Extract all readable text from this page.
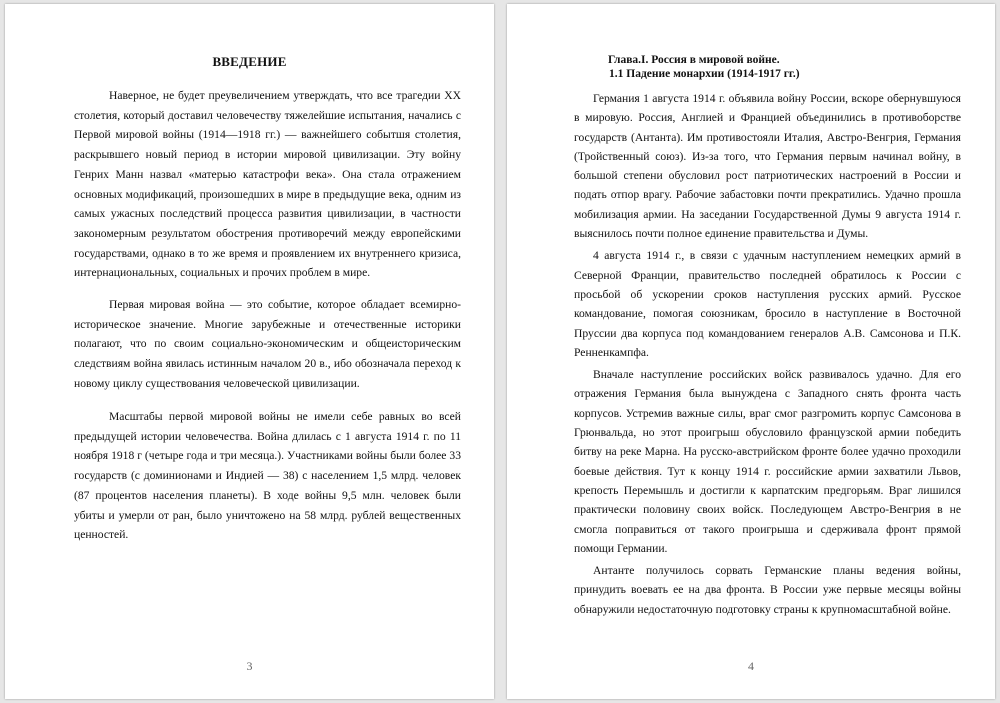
ВВЕДЕНИЕ

Наверное, не будет преувеличением утверждать, что все трагедии XX столетия, который доставил человечеству тяжелейшие испытания, начались с Первой мировой войны (1914—1918 гг.) — важнейшего событшя столетия, раскрывшего новый период в истории мировой цивилизации. Эту войну Генрих Манн назвал «матерью катастрофи века». Она стала отражением основных модификаций, произошедших в мире в предыдущие века, одним из самых ужасных последствий процесса развития цивилизации, в частности закономерным результатом обострения противоречий между европейскими государствами, однако в то же время и проявлением их внутреннего кризиса, интернациональных, социальных и прочих проблем в мире.

Первая мировая война — это событие, которое обладает всемирно-историческое значение. Многие зарубежные и отечественные историки полагают, что по своим социально-экономическим и общеисторическим следствиям война явилась истинным началом 20 в., ибо обозначала переход к новому циклу существования человеческой цивилизации.

Масштабы первой мировой войны не имели себе равных во всей предыдущей истории человечества. Война длилась с 1 августа 1914 г. по 11 ноября 1918 г (четыре года и три месяца.). Участниками войны были более 33 государств (с доминионами и Индией — 38) с населением 1,5 млрд. человек (87 процентов населения планеты). В ходе войны 9,5 млн. человек были убиты и умерли от ран, было уничтожено на 58 млрд. рублей вещественных ценностей.

3
Глава.I. Россия в мировой войне.
1.1 Падение монархии (1914-1917 гг.)

Германия 1 августа 1914 г. объявила войну России, вскоре обернувшуюся в мировую. Россия, Англией и Францией объединились в противоборстве государств (Антанта). Им противостояли Италия, Австро-Венгрия, Германия (Тройственный союз). Из-за того, что Германия первым начинал войну, в большой степени обусловил рост патриотических настроений в России и подать отпор врагу. Рабочие забастовки почти прекратились. Удачно прошла мобилизация армии. На заседании Государственной Думы 9 августа 1914 г. выяснилось почти полное единение правительства и Думы.

4 августа 1914 г., в связи с удачным наступлением немецких армий в Северной Франции, правительство последней обратилось к России с просьбой об ускорении сроков наступления русских армий. Русское командование, помогая союзникам, бросило в наступление в Восточной Пруссии два корпуса под командованием генералов А.В. Самсонова и П.К. Ренненкампфа.

Вначале наступление российских войск развивалось удачно. Для его отражения Германия была вынуждена с Западного снять фронта часть корпусов. Устремив важные силы, враг смог разгромить корпус Самсонова в Грюнвальда, но этот проигрыш обусловило французской армии победить битву на реке Марна. На русско-австрийском фронте более удачно проходили боевые действия. Тут к концу 1914 г. российские армии захватили Львов, крепость Перемышль и достигли к карпатским предгорьям. Враг лишился практически половину своих войск. Последующем Австро-Венгрия в не смогла поправиться от такого проигрыша и сдерживала фронт прямой помощи Германии.

Антанте получилось сорвать Германские планы ведения войны, принудить воевать ее на два фронта. В России уже первые месяцы войны обнаружили недостаточную подготовку страны к крупномасштабной войне.

4
